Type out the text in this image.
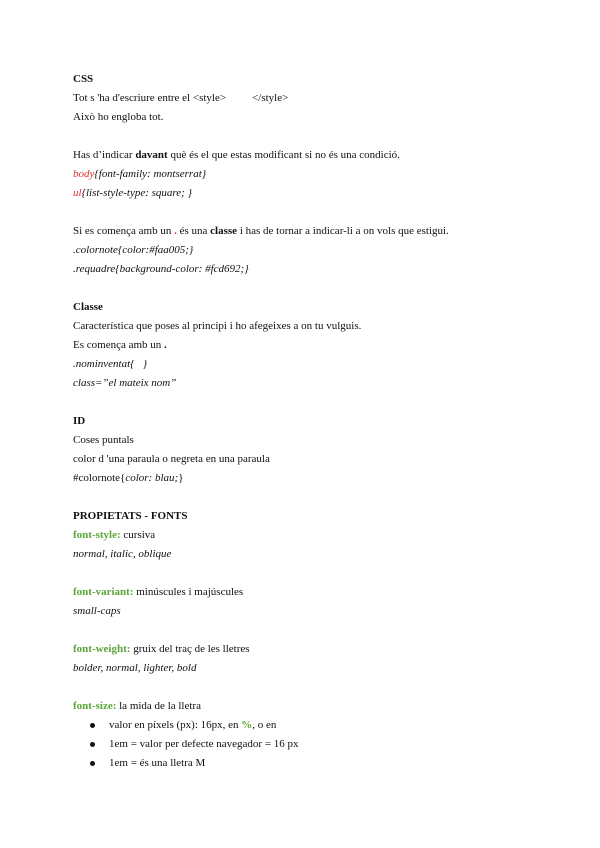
CSS
Tot s 'ha d'escriure entre el <style> </style>
Això ho engloba tot.
Has d’indicar davant què és el que estas modificant si no és una condició.
body{font-family: montserrat}
ul{list-style-type: square; }
Si es comença amb un . és una classe i has de tornar a indicar-li a on vols que estigui.
.colornote{color:#faa005;}
.requadre{background-color: #fcd692;}
Classe
Característica que poses al principi i ho afegeixes a on tu vulguis.
Es comença amb un .
.nominventat{   }
class=”el mateix nom”
ID
Coses puntals
color d 'una paraula o negreta en una paraula
#colornote{color: blau;}
PROPIETATS - FONTS
font-style: cursiva
normal, italic, oblique
font-variant: minúscules i majúscules
small-caps
font-weight: gruix del traç de les lletres
bolder, normal, lighter, bold
font-size: la mida de la lletra
valor en píxels (px): 16px, en %, o en
1em = valor per defecte navegador = 16 px
1em = és una lletra M
